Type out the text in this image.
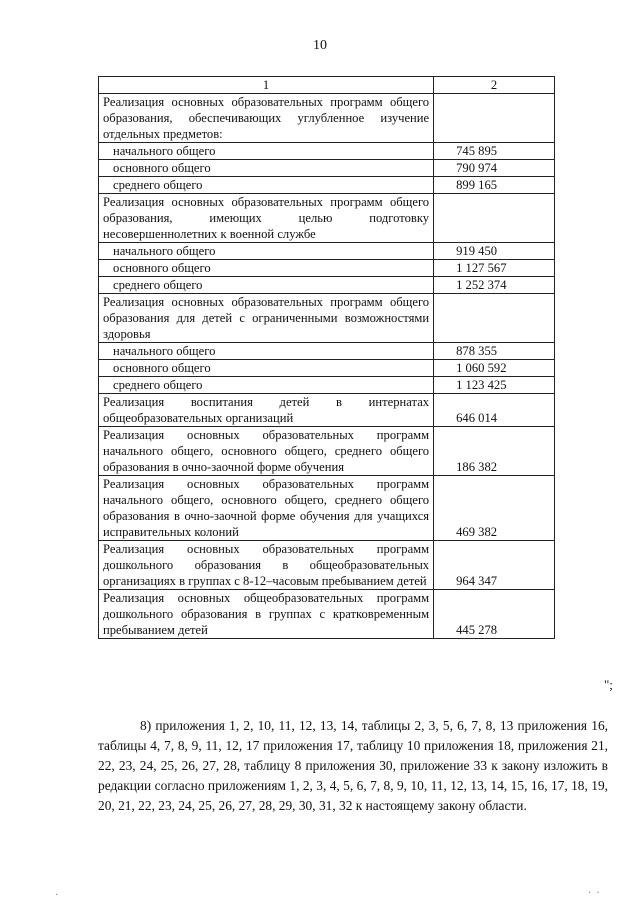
10
1	2
Реализация основных образовательных программ общего образования, обеспечивающих углубленное изучение отдельных предметов:	
начального общего	745 895
основного общего	790 974
среднего общего	899 165
Реализация основных образовательных программ общего образования, имеющих целью подготовку несовершеннолетних к военной службе	
начального общего	919 450
основного общего	1 127 567
среднего общего	1 252 374
Реализация основных образовательных программ общего образования для детей с ограниченными возможностями здоровья	
начального общего	878 355
основного общего	1 060 592
среднего общего	1 123 425
Реализация воспитания детей в интернатах общеобразовательных организаций	646 014
Реализация основных образовательных программ начального общего, основного общего, среднего общего образования в очно-заочной форме обучения	186 382
Реализация основных образовательных программ начального общего, основного общего, среднего общего образования в очно-заочной форме обучения для учащихся исправительных колоний	469 382
Реализация основных образовательных программ дошкольного образования в общеобразовательных организациях в группах с 8-12–часовым пребыванием детей	964 347
Реализация основных общеобразовательных программ дошкольного образования в группах с кратковременным пребыванием детей	445 278
";
8) приложения 1, 2, 10, 11, 12, 13, 14, таблицы 2, 3, 5, 6, 7, 8, 13 приложения 16, таблицы 4, 7, 8, 9, 11, 12, 17 приложения 17, таблицу 10 приложения 18, приложения 21, 22, 23, 24, 25, 26, 27, 28, таблицу 8 приложения 30, приложение 33 к закону изложить в редакции согласно приложениям 1, 2, 3, 4, 5, 6, 7, 8, 9, 10, 11, 12, 13, 14, 15, 16, 17, 18, 19, 20, 21, 22, 23, 24, 25, 26, 27, 28, 29, 30, 31, 32 к настоящему закону области.
·	·  ·
